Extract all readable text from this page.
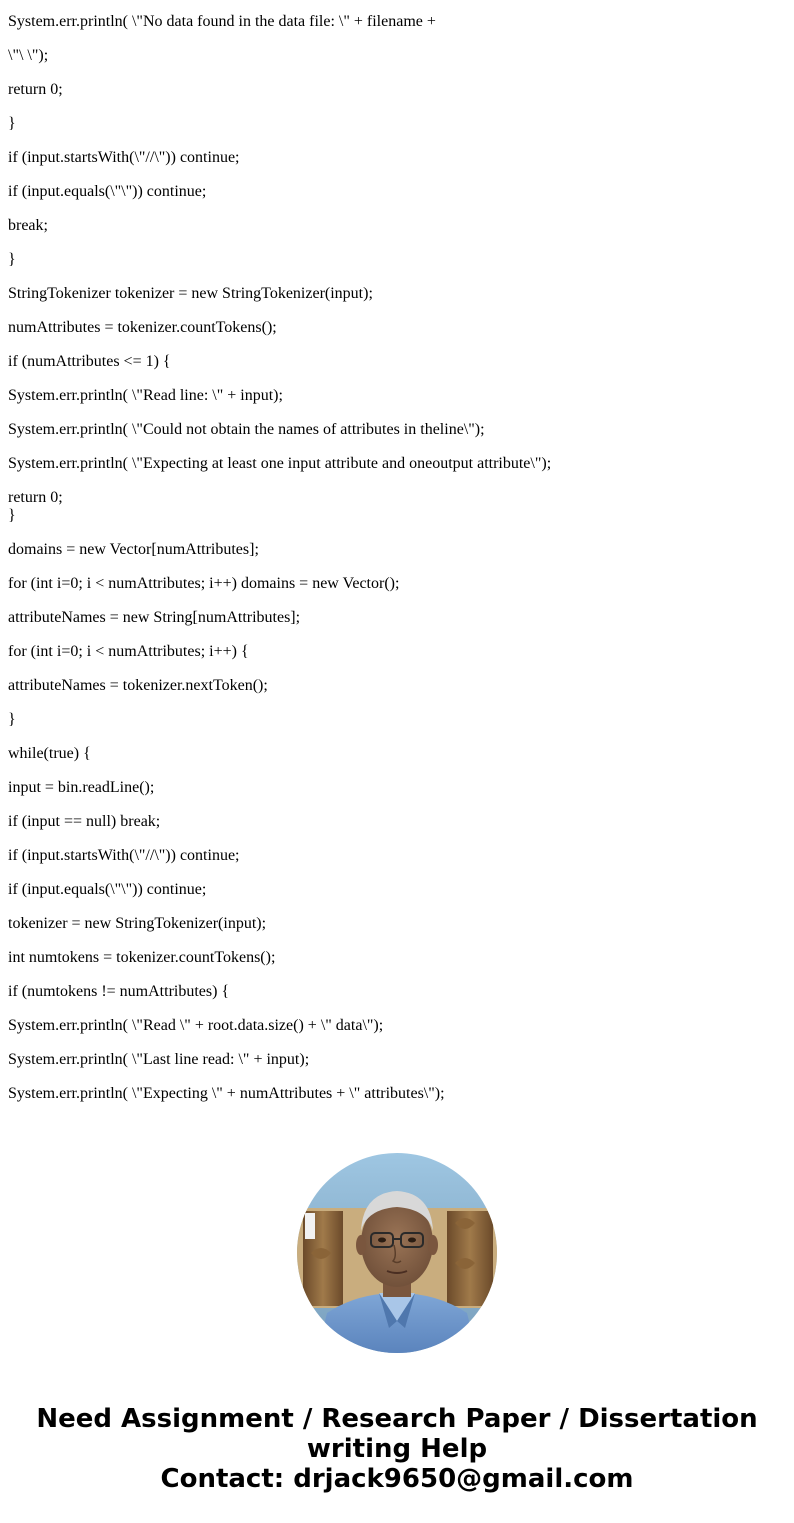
System.err.println( \"No data found in the data file: \" + filename +
\"\ \");
return 0;
}
if (input.startsWith(\"//\")) continue;
if (input.equals(\"\")) continue;
break;
}
StringTokenizer tokenizer = new StringTokenizer(input);
numAttributes = tokenizer.countTokens();
if (numAttributes <= 1) {
System.err.println( \"Read line: \" + input);
System.err.println( \"Could not obtain the names of attributes in theline\");
System.err.println( \"Expecting at least one input attribute and oneoutput attribute\");
return 0;
}
domains = new Vector[numAttributes];
for (int i=0; i < numAttributes; i++) domains = new Vector();
attributeNames = new String[numAttributes];
for (int i=0; i < numAttributes; i++) {
attributeNames = tokenizer.nextToken();
}
while(true) {
input = bin.readLine();
if (input == null) break;
if (input.startsWith(\"//\")) continue;
if (input.equals(\"\")) continue;
tokenizer = new StringTokenizer(input);
int numtokens = tokenizer.countTokens();
if (numtokens != numAttributes) {
System.err.println( \"Read \" + root.data.size() + \" data\");
System.err.println( \"Last line read: \" + input);
System.err.println( \"Expecting \" + numAttributes + \" attributes\");
Need Assignment / Research Paper / Dissertation
writing Help
Contact: drjack9650@gmail.com
